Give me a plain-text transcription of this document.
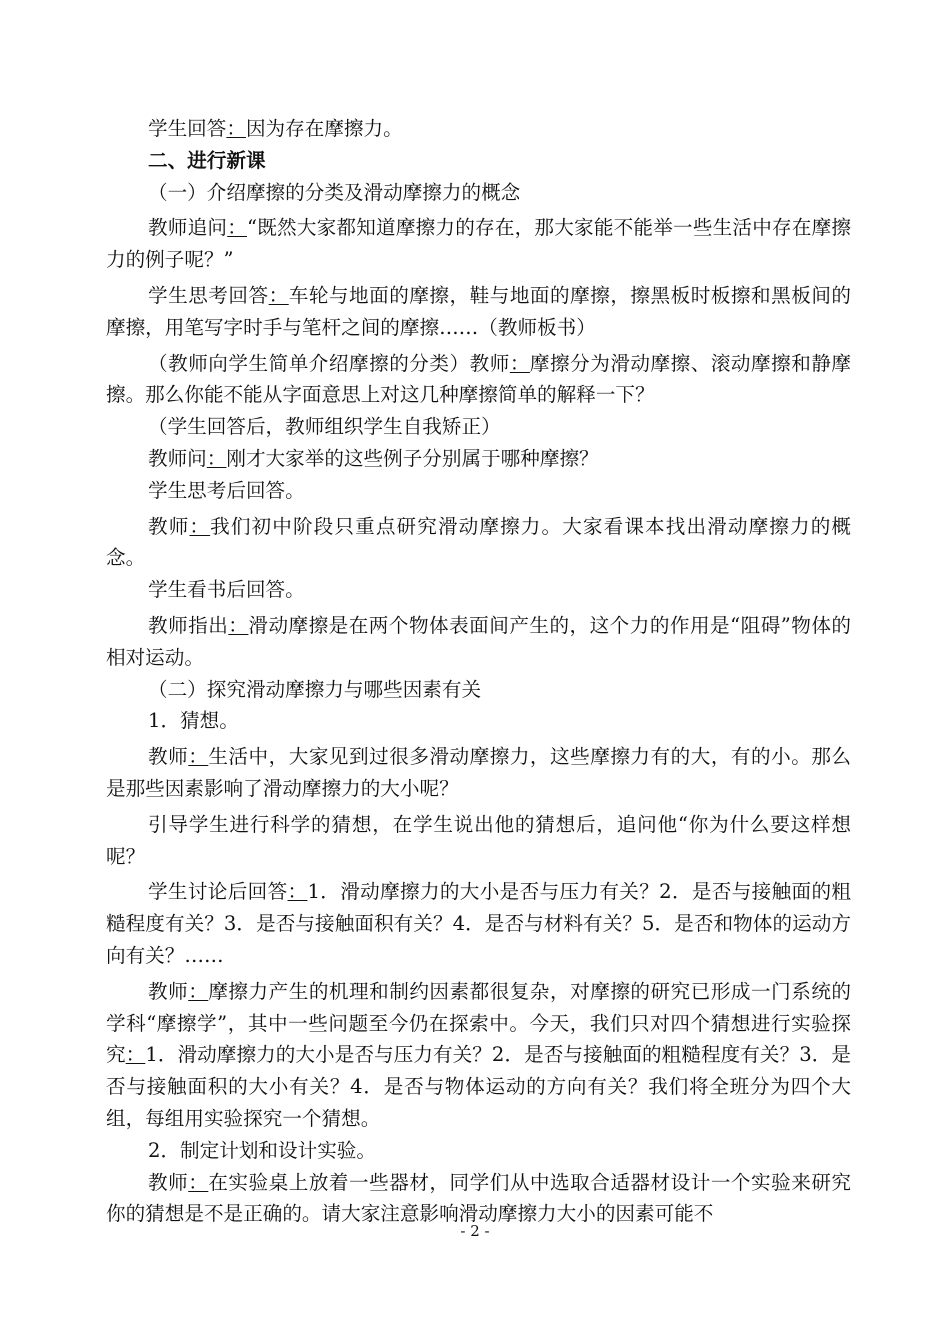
学生回答：因为存在摩擦力。

二、进行新课

（一）介绍摩擦的分类及滑动摩擦力的概念

教师追问：“既然大家都知道摩擦力的存在，那大家能不能举一些生活中存在摩擦力的例子呢？”

学生思考回答：车轮与地面的摩擦，鞋与地面的摩擦，擦黑板时板擦和黑板间的摩擦，用笔写字时手与笔杆之间的摩擦……（教师板书）

（教师向学生简单介绍摩擦的分类）教师：摩擦分为滑动摩擦、滚动摩擦和静摩擦。那么你能不能从字面意思上对这几种摩擦简单的解释一下？

（学生回答后，教师组织学生自我矫正）

教师问：刚才大家举的这些例子分别属于哪种摩擦？

学生思考后回答。

教师：我们初中阶段只重点研究滑动摩擦力。大家看课本找出滑动摩擦力的概念。

学生看书后回答。

教师指出：滑动摩擦是在两个物体表面间产生的，这个力的作用是“阻碍”物体的相对运动。

（二）探究滑动摩擦力与哪些因素有关

1．猜想。

教师：生活中，大家见到过很多滑动摩擦力，这些摩擦力有的大，有的小。那么是那些因素影响了滑动摩擦力的大小呢？

引导学生进行科学的猜想，在学生说出他的猜想后，追问他“你为什么要这样想呢？

学生讨论后回答：1．滑动摩擦力的大小是否与压力有关？2．是否与接触面的粗糙程度有关？3．是否与接触面积有关？4．是否与材料有关？5．是否和物体的运动方向有关？……

教师：摩擦力产生的机理和制约因素都很复杂，对摩擦的研究已形成一门系统的学科“摩擦学”，其中一些问题至今仍在探索中。今天，我们只对四个猜想进行实验探究：1．滑动摩擦力的大小是否与压力有关？2．是否与接触面的粗糙程度有关？3．是否与接触面积的大小有关？4．是否与物体运动的方向有关？我们将全班分为四个大组，每组用实验探究一个猜想。

2．制定计划和设计实验。

教师：在实验桌上放着一些器材，同学们从中选取合适器材设计一个实验来研究你的猜想是不是正确的。请大家注意影响滑动摩擦力大小的因素可能不

- 2 -
